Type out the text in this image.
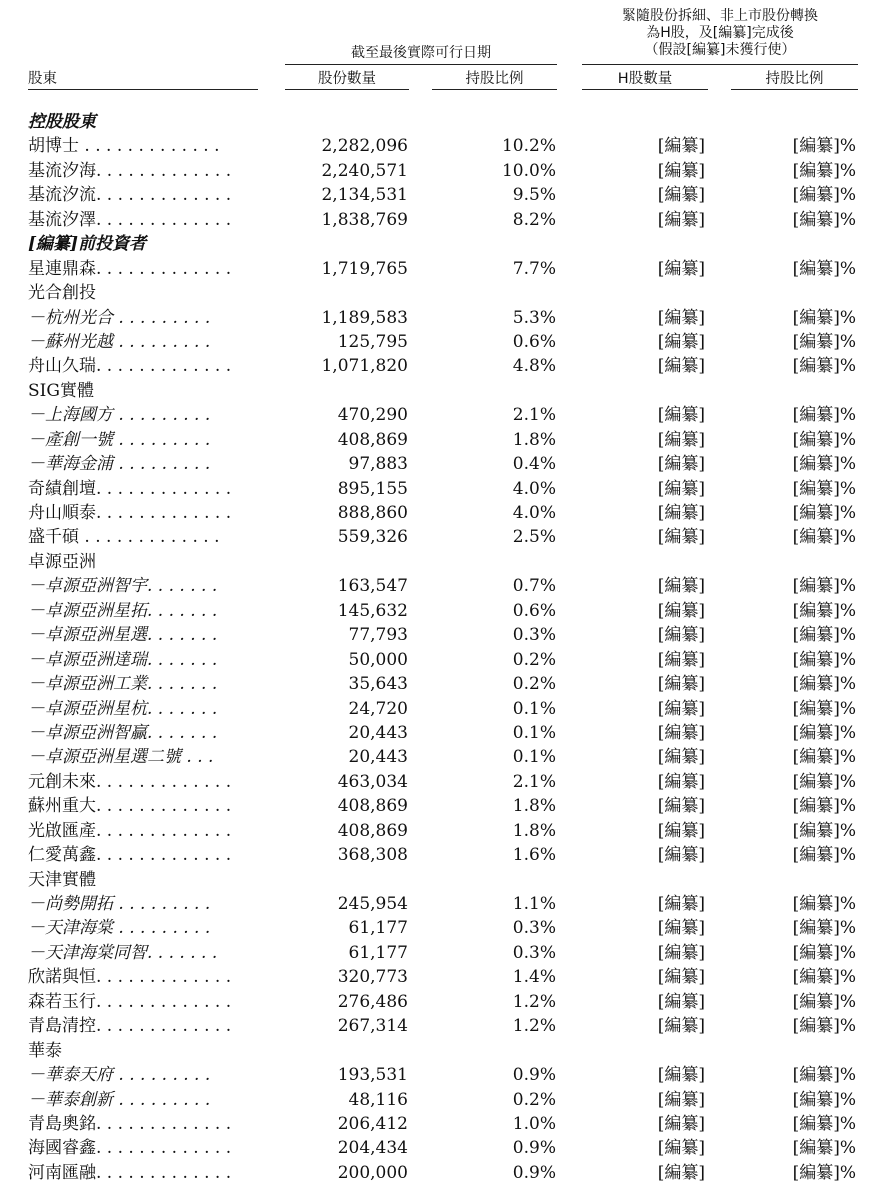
緊隨股份拆細、非上市股份轉換
為H股，及[編纂]完成後
（假設[編纂]未獲行使）
截至最後實際可行日期
股東	股份數量	持股比例	H股數量	持股比例
控股股東
胡博士 . . . . . . . . . . . . .	2,282,096	10.2%	[編纂]	[編纂]%
基流汐海. . . . . . . . . . . . .	2,240,571	10.0%	[編纂]	[編纂]%
基流汐流. . . . . . . . . . . . .	2,134,531	9.5%	[編纂]	[編纂]%
基流汐澤. . . . . . . . . . . . .	1,838,769	8.2%	[編纂]	[編纂]%
[編纂]前投資者
星連鼎森. . . . . . . . . . . . .	1,719,765	7.7%	[編纂]	[編纂]%
光合創投
－杭州光合 . . . . . . . . .	1,189,583	5.3%	[編纂]	[編纂]%
－蘇州光越 . . . . . . . . .	125,795	0.6%	[編纂]	[編纂]%
舟山久瑞. . . . . . . . . . . . .	1,071,820	4.8%	[編纂]	[編纂]%
SIG實體
－上海國方 . . . . . . . . .	470,290	2.1%	[編纂]	[編纂]%
－產創一號 . . . . . . . . .	408,869	1.8%	[編纂]	[編纂]%
－華海金浦 . . . . . . . . .	97,883	0.4%	[編纂]	[編纂]%
奇績創壇. . . . . . . . . . . . .	895,155	4.0%	[編纂]	[編纂]%
舟山順泰. . . . . . . . . . . . .	888,860	4.0%	[編纂]	[編纂]%
盛千碩 . . . . . . . . . . . . .	559,326	2.5%	[編纂]	[編纂]%
卓源亞洲
－卓源亞洲智宇. . . . . . .	163,547	0.7%	[編纂]	[編纂]%
－卓源亞洲星拓. . . . . . .	145,632	0.6%	[編纂]	[編纂]%
－卓源亞洲星選. . . . . . .	77,793	0.3%	[編纂]	[編纂]%
－卓源亞洲達瑞. . . . . . .	50,000	0.2%	[編纂]	[編纂]%
－卓源亞洲工業. . . . . . .	35,643	0.2%	[編纂]	[編纂]%
－卓源亞洲星杭. . . . . . .	24,720	0.1%	[編纂]	[編纂]%
－卓源亞洲智贏. . . . . . .	20,443	0.1%	[編纂]	[編纂]%
－卓源亞洲星選二號 . . .	20,443	0.1%	[編纂]	[編纂]%
元創未來. . . . . . . . . . . . .	463,034	2.1%	[編纂]	[編纂]%
蘇州重大. . . . . . . . . . . . .	408,869	1.8%	[編纂]	[編纂]%
光啟匯產. . . . . . . . . . . . .	408,869	1.8%	[編纂]	[編纂]%
仁愛萬鑫. . . . . . . . . . . . .	368,308	1.6%	[編纂]	[編纂]%
天津實體
－尚勢開拓 . . . . . . . . .	245,954	1.1%	[編纂]	[編纂]%
－天津海棠 . . . . . . . . .	61,177	0.3%	[編纂]	[編纂]%
－天津海棠同智. . . . . . .	61,177	0.3%	[編纂]	[編纂]%
欣諾與恒. . . . . . . . . . . . .	320,773	1.4%	[編纂]	[編纂]%
森若玉行. . . . . . . . . . . . .	276,486	1.2%	[編纂]	[編纂]%
青島清控. . . . . . . . . . . . .	267,314	1.2%	[編纂]	[編纂]%
華泰
－華泰天府 . . . . . . . . .	193,531	0.9%	[編纂]	[編纂]%
－華泰創新 . . . . . . . . .	48,116	0.2%	[編纂]	[編纂]%
青島奧銘. . . . . . . . . . . . .	206,412	1.0%	[編纂]	[編纂]%
海國睿鑫. . . . . . . . . . . . .	204,434	0.9%	[編纂]	[編纂]%
河南匯融. . . . . . . . . . . . .	200,000	0.9%	[編纂]	[編纂]%
